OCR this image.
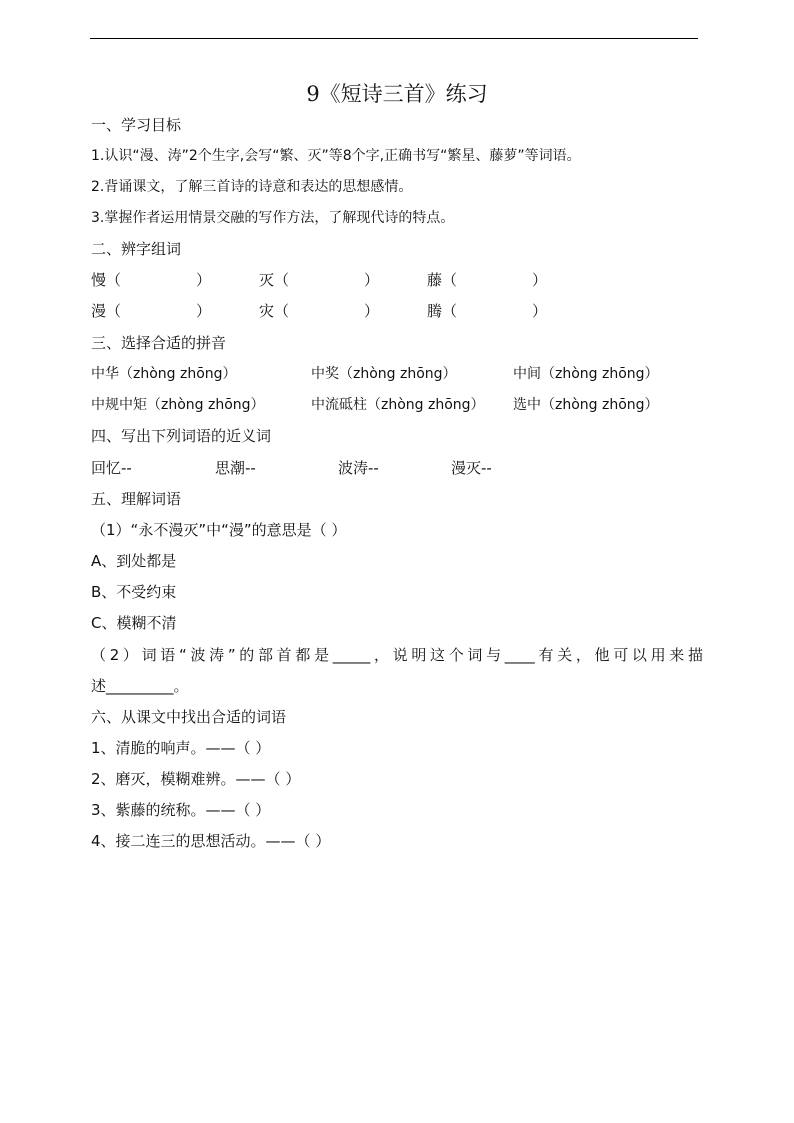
9《短诗三首》练习
一、学习目标
1.认识“漫、涛”2个生字,会写“繁、灭”等8个字,正确书写“繁星、藤萝”等词语。
2.背诵课文，了解三首诗的诗意和表达的思想感情。
3.掌握作者运用情景交融的写作方法，了解现代诗的特点。
二、辨字组词
慢（	）	灭（	）	藤（	）
漫（	）	灾（	）	腾（	）
三、选择合适的拼音
中华（zhòng zhōng）	中奖（zhòng zhōng）	中间（zhòng zhōng）
中规中矩（zhòng zhōng）	中流砥柱（zhòng zhōng） 选中（zhòng zhōng）
四、写出下列词语的近义词
回忆--	思潮--	波涛--	漫灭--
五、理解词语
（1）“永不漫灭”中“漫”的意思是（ ）
A、到处都是
B、不受约束
C、模糊不清
（2）词语“波涛”的部首都是_____，说明这个词与____有关，他可以用来描
述_________。
六、从课文中找出合适的词语
1、清脆的响声。——（ ）
2、磨灭，模糊难辨。——（ ）
3、紫藤的统称。——（ ）
4、接二连三的思想活动。——（ ）
